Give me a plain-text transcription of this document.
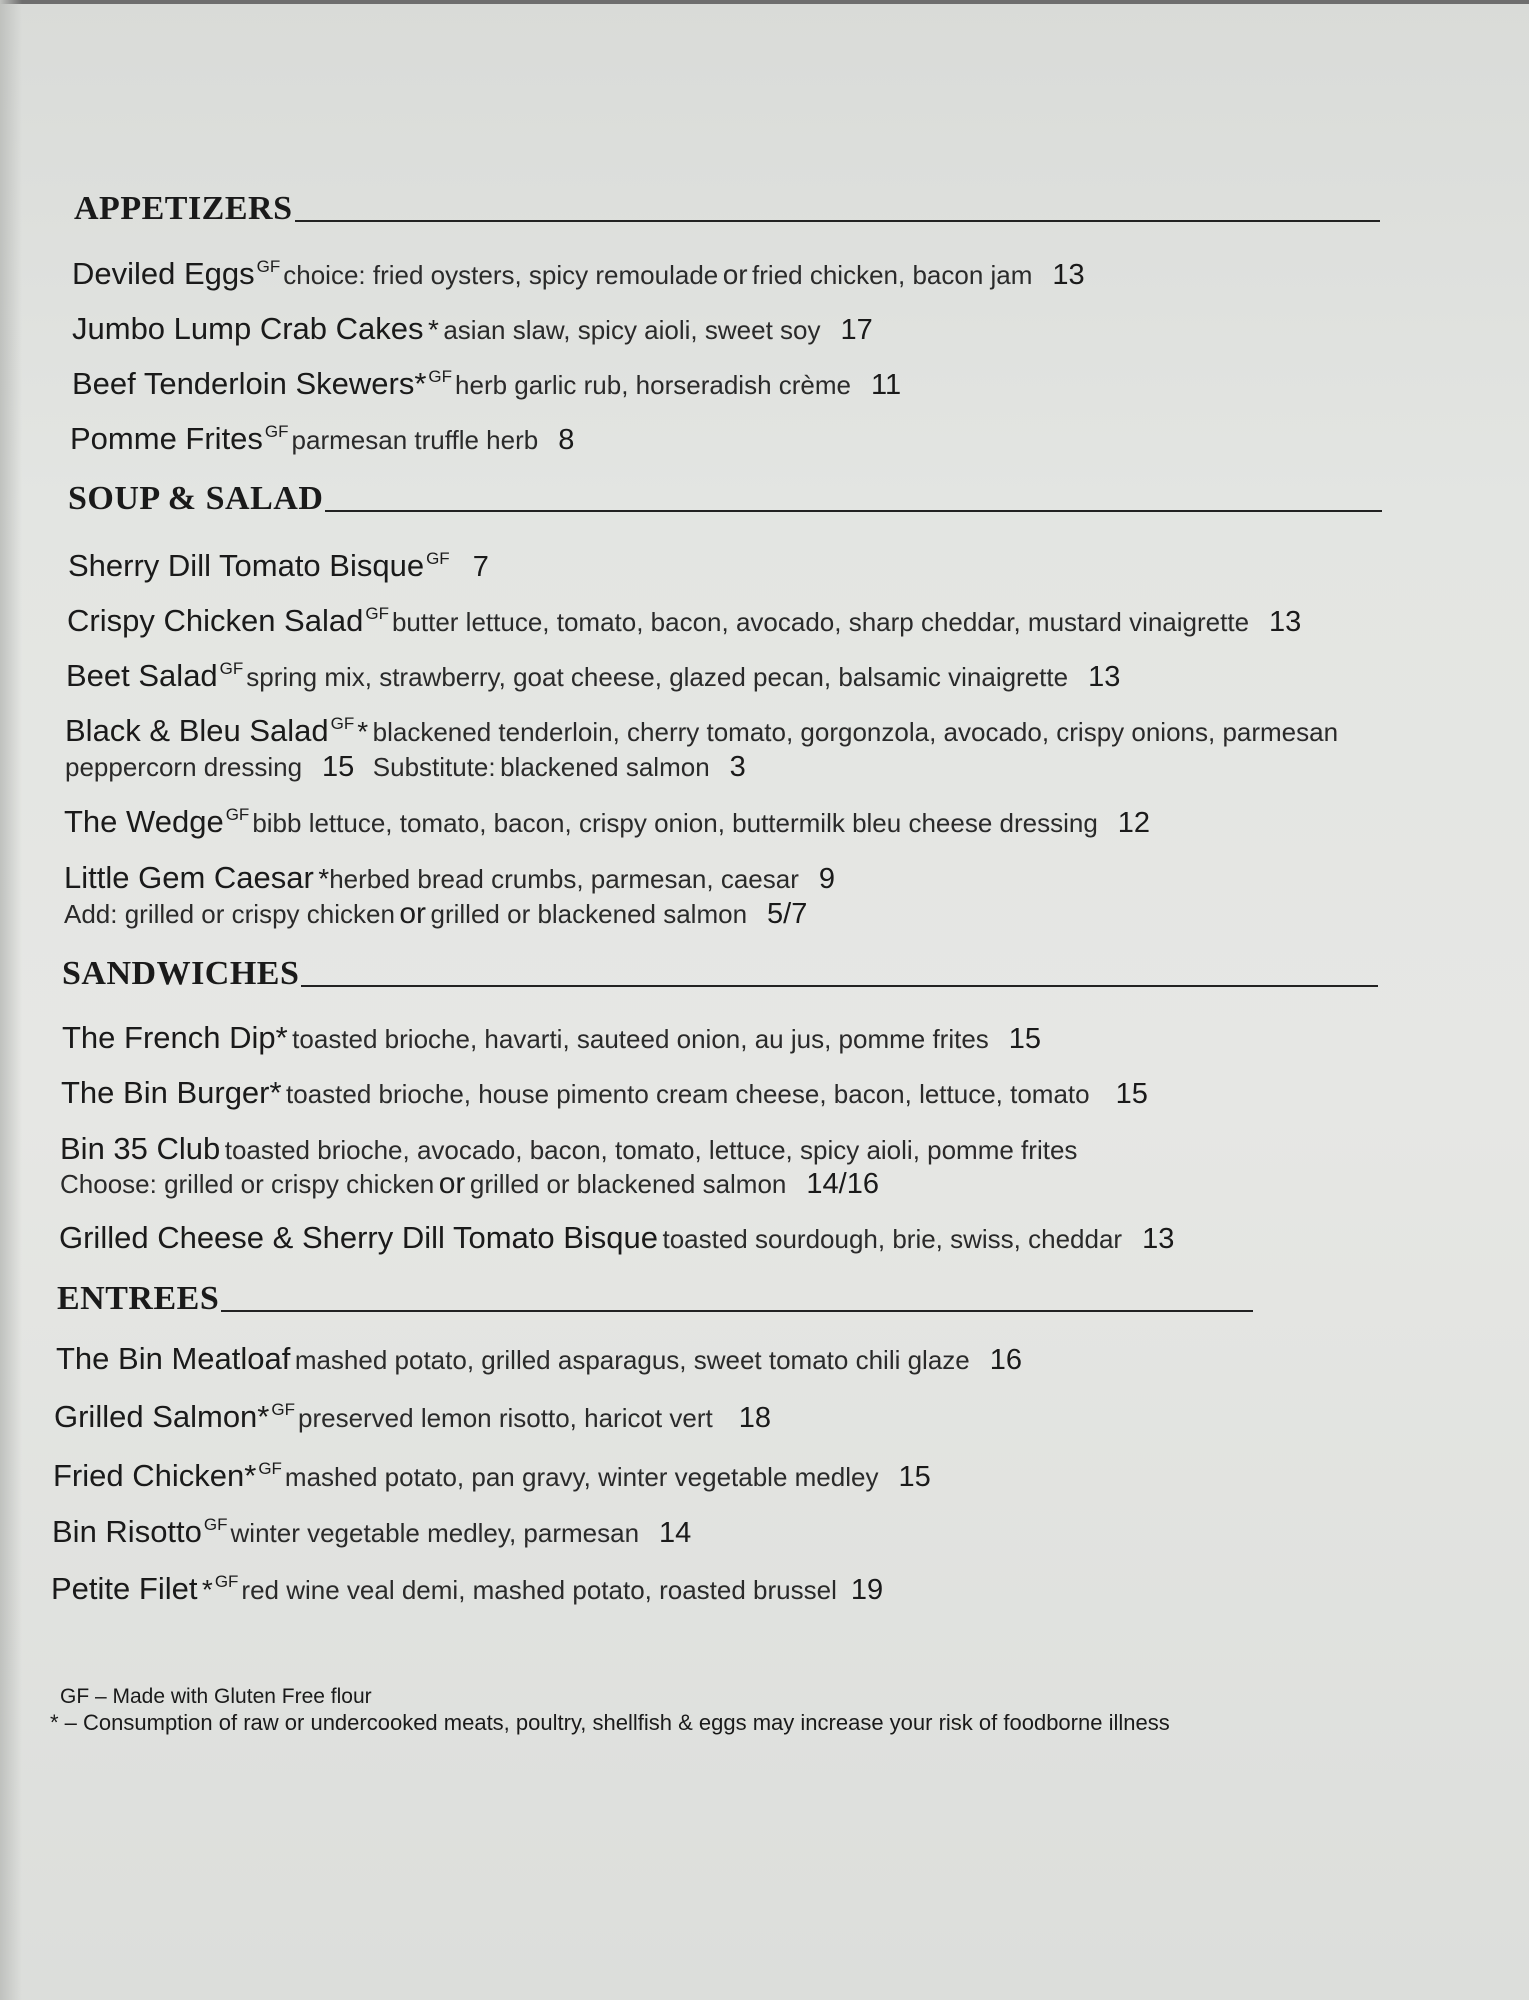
APPETIZERS
Deviled Eggs GF choice: fried oysters, spicy remoulade or fried chicken, bacon jam 13
Jumbo Lump Crab Cakes * asian slaw, spicy aioli, sweet soy 17
Beef Tenderloin Skewers* GF herb garlic rub, horseradish crème 11
Pomme Frites GF parmesan truffle herb 8
SOUP & SALAD
Sherry Dill Tomato Bisque GF 7
Crispy Chicken Salad GF butter lettuce, tomato, bacon, avocado, sharp cheddar, mustard vinaigrette 13
Beet Salad GF spring mix, strawberry, goat cheese, glazed pecan, balsamic vinaigrette 13
Black & Bleu Salad GF * blackened tenderloin, cherry tomato, gorgonzola, avocado, crispy onions, parmesan
peppercorn dressing 15 Substitute: blackened salmon 3
The Wedge GF bibb lettuce, tomato, bacon, crispy onion, buttermilk bleu cheese dressing 12
Little Gem Caesar *herbed bread crumbs, parmesan, caesar 9
Add: grilled or crispy chicken or grilled or blackened salmon 5/7
SANDWICHES
The French Dip* toasted brioche, havarti, sauteed onion, au jus, pomme frites 15
The Bin Burger* toasted brioche, house pimento cream cheese, bacon, lettuce, tomato 15
Bin 35 Club toasted brioche, avocado, bacon, tomato, lettuce, spicy aioli, pomme frites
Choose: grilled or crispy chicken or grilled or blackened salmon 14/16
Grilled Cheese & Sherry Dill Tomato Bisque toasted sourdough, brie, swiss, cheddar 13
ENTREES
The Bin Meatloaf mashed potato, grilled asparagus, sweet tomato chili glaze 16
Grilled Salmon* GF preserved lemon risotto, haricot vert 18
Fried Chicken* GF mashed potato, pan gravy, winter vegetable medley 15
Bin Risotto GF winter vegetable medley, parmesan 14
Petite Filet * GF red wine veal demi, mashed potato, roasted brussel 19
GF – Made with Gluten Free flour
* – Consumption of raw or undercooked meats, poultry, shellfish & eggs may increase your risk of foodborne illness
